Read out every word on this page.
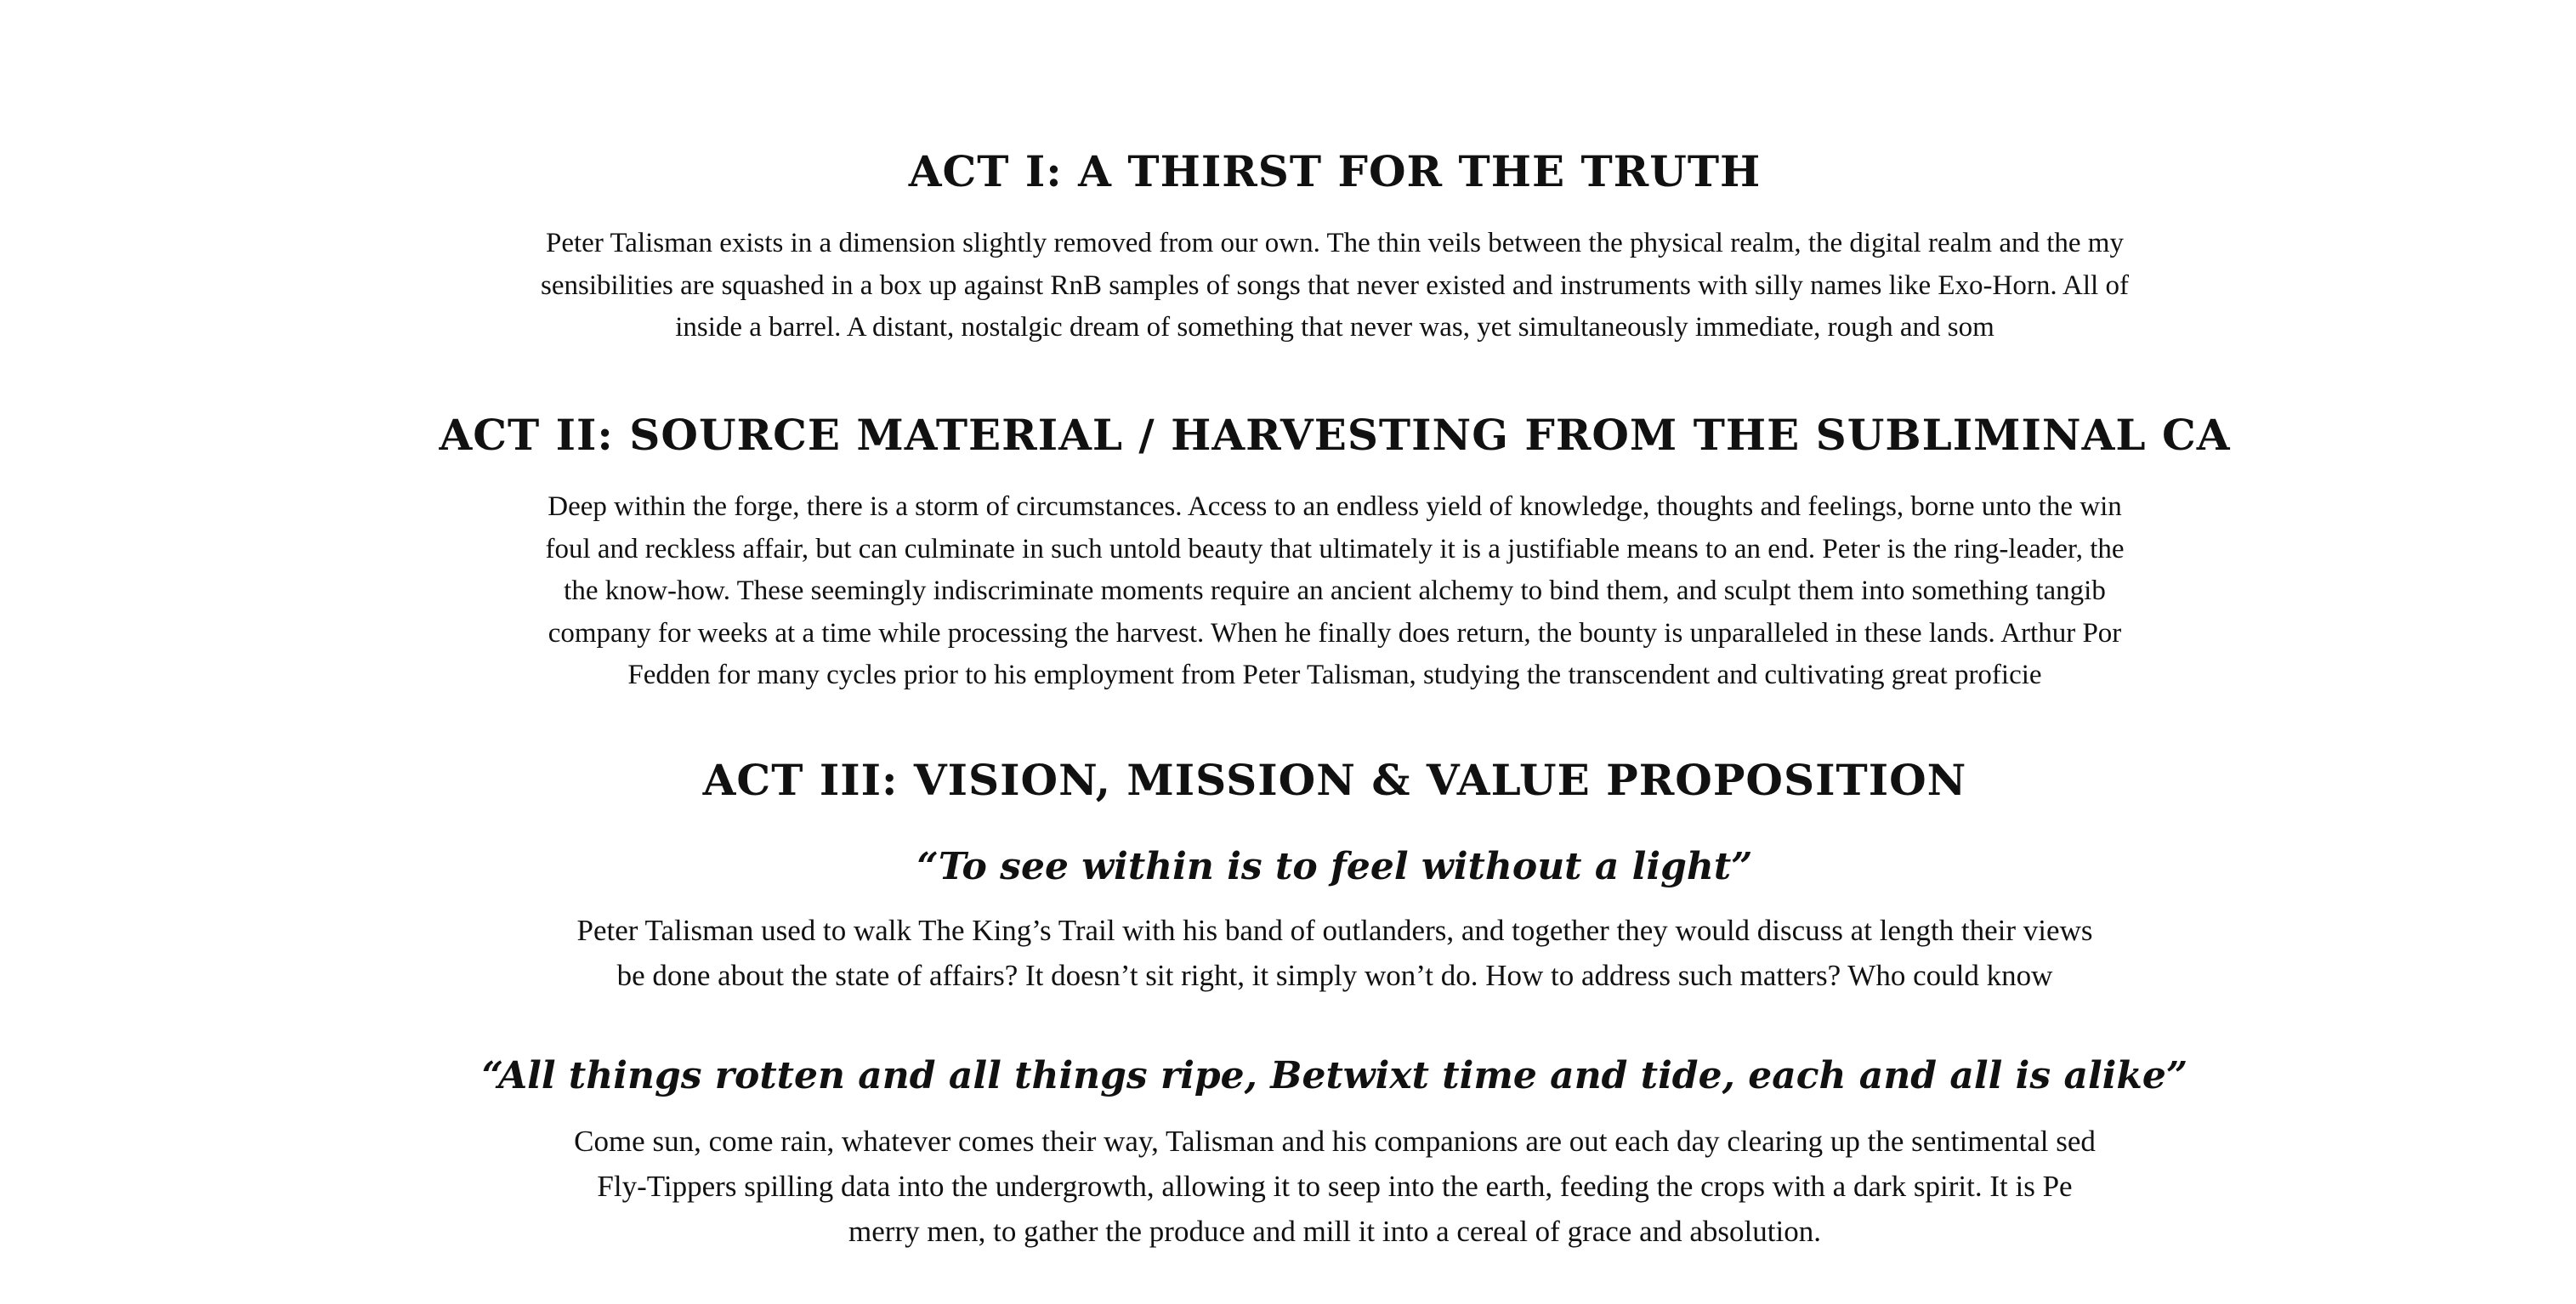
ACT I: A THIRST FOR THE TRUTH
Peter Talisman exists in a dimension slightly removed from our own. The thin veils between the physical realm, the digital realm and the my
sensibilities are squashed in a box up against RnB samples of songs that never existed and instruments with silly names like Exo-Horn. All of
inside a barrel. A distant, nostalgic dream of something that never was, yet simultaneously immediate, rough and som
ACT II: SOURCE MATERIAL / HARVESTING FROM THE SUBLIMINAL CA
Deep within the forge, there is a storm of circumstances. Access to an endless yield of knowledge, thoughts and feelings, borne unto the win
foul and reckless affair, but can culminate in such untold beauty that ultimately it is a justifiable means to an end. Peter is the ring-leader, the
the know-how. These seemingly indiscriminate moments require an ancient alchemy to bind them, and sculpt them into something tangib
company for weeks at a time while processing the harvest. When he finally does return, the bounty is unparalleled in these lands. Arthur Por
Fedden for many cycles prior to his employment from Peter Talisman, studying the transcendent and cultivating great proficie
ACT III: VISION, MISSION & VALUE PROPOSITION

“To see within is to feel without a light”

Peter Talisman used to walk The King’s Trail with his band of outlanders, and together they would discuss at length their views
be done about the state of affairs? It doesn’t sit right, it simply won’t do. How to address such matters? Who could know

“All things rotten and all things ripe, Betwixt time and tide, each and all is alike”

Come sun, come rain, whatever comes their way, Talisman and his companions are out each day clearing up the sentimental sed
Fly-Tippers spilling data into the undergrowth, allowing it to seep into the earth, feeding the crops with a dark spirit. It is Pe
merry men, to gather the produce and mill it into a cereal of grace and absolution.
